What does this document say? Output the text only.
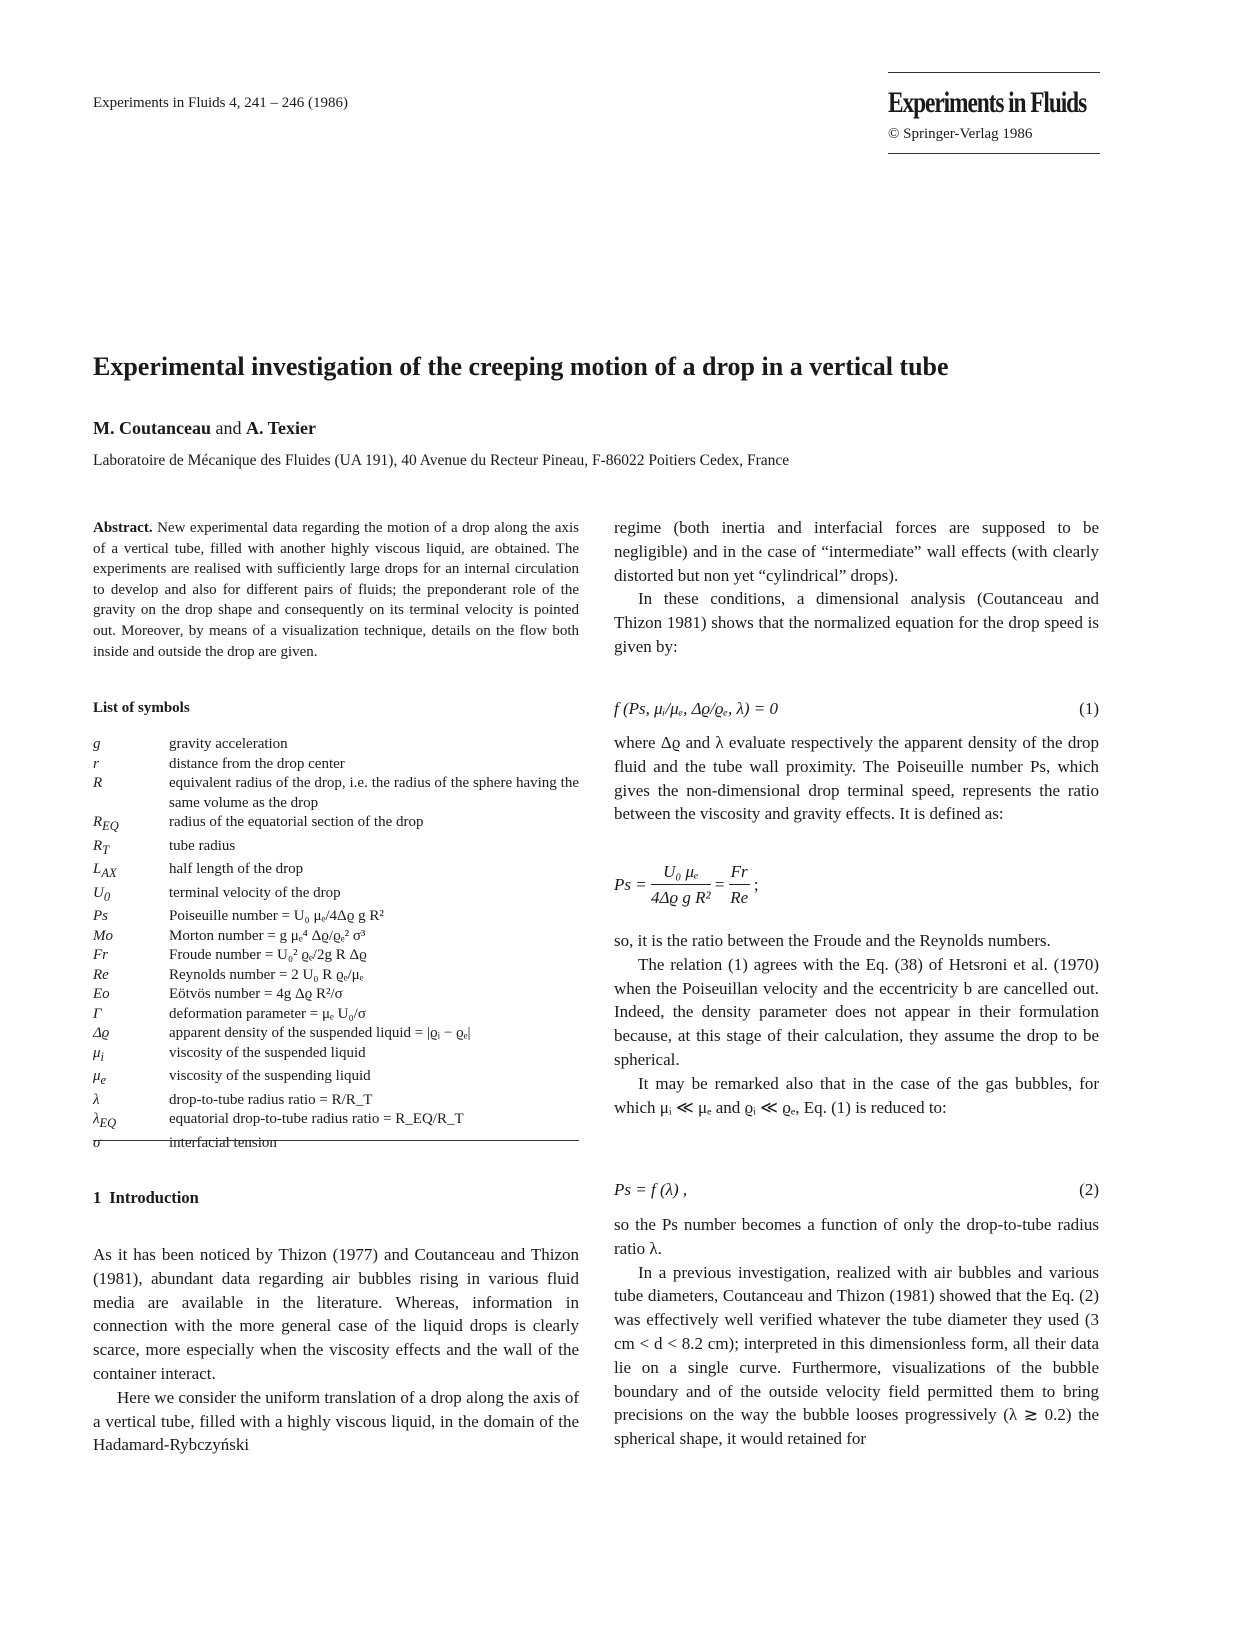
Experiments in Fluids 4, 241 – 246 (1986)	Experiments in Fluids
© Springer-Verlag 1986
Experimental investigation of the creeping motion of a drop in a vertical tube
M. Coutanceau and A. Texier
Laboratoire de Mécanique des Fluides (UA 191), 40 Avenue du Recteur Pineau, F-86022 Poitiers Cedex, France
Abstract. New experimental data regarding the motion of a drop along the axis of a vertical tube, filled with another highly viscous liquid, are obtained. The experiments are realised with sufficiently large drops for an internal circulation to develop and also for different pairs of fluids; the preponderant role of the gravity on the drop shape and consequently on its terminal velocity is pointed out. Moreover, by means of a visualization technique, details on the flow both inside and outside the drop are given.
List of symbols
g	gravity acceleration
r	distance from the drop center
R	equivalent radius of the drop, i.e. the radius of the sphere having the same volume as the drop
$R_{EQ}$	radius of the equatorial section of the drop
$R_T$	tube radius
$L_{AX}$	half length of the drop
$U_0$	terminal velocity of the drop
Ps	Poiseuille number = U₀ μₑ/4Δϱ g R²
Mo	Morton number = g μₑ⁴ Δϱ/ϱₑ² σ³
Fr	Froude number = U₀² ϱₑ/2g R Δϱ
Re	Reynolds number = 2 U₀ R ϱₑ/μₑ
Eo	Eötvös number = 4g Δϱ R²/σ
Γ	deformation parameter = μₑ U₀/σ
Δϱ	apparent density of the suspended liquid = |ϱᵢ − ϱₑ|
$\mu_i$	viscosity of the suspended liquid
$\mu_e$	viscosity of the suspending liquid
λ	drop-to-tube radius ratio = R/R_T
$\lambda_{EQ}$	equatorial drop-to-tube radius ratio = R_EQ/R_T
σ	interfacial tension
1 Introduction

As it has been noticed by Thizon (1977) and Coutanceau and Thizon (1981), abundant data regarding air bubbles rising in various fluid media are available in the literature. Whereas, information in connection with the more general case of the liquid drops is clearly scarce, more especially when the viscosity effects and the wall of the container interact.

Here we consider the uniform translation of a drop along the axis of a vertical tube, filled with a highly viscous liquid, in the domain of the Hadamard-Rybczyński

regime (both inertia and interfacial forces are supposed to be negligible) and in the case of “intermediate” wall effects (with clearly distorted but non yet “cylindrical” drops).

In these conditions, a dimensional analysis (Coutanceau and Thizon 1981) shows that the normalized equation for the drop speed is given by:

f (Ps, μᵢ/μₑ, Δϱ/ϱₑ, λ) = 0	(1)

where Δϱ and λ evaluate respectively the apparent density of the drop fluid and the tube wall proximity. The Poiseuille number Ps, which gives the non-dimensional drop terminal speed, represents the ratio between the viscosity and gravity effects. It is defined as:

$Ps = \frac{\text{U₀ μₑ}}{\text{4Δϱ g R²}} = \frac{Fr}{Re}$ ;

so, it is the ratio between the Froude and the Reynolds numbers.

The relation (1) agrees with the Eq. (38) of Hetsroni et al. (1970) when the Poiseuillan velocity and the eccentricity b are cancelled out. Indeed, the density parameter does not appear in their formulation because, at this stage of their calculation, they assume the drop to be spherical.

It may be remarked also that in the case of the gas bubbles, for which μᵢ ≪ μₑ and ϱᵢ ≪ ϱₑ, Eq. (1) is reduced to:

Ps = f (λ) ,	(2)

so the Ps number becomes a function of only the drop-to-tube radius ratio λ.

In a previous investigation, realized with air bubbles and various tube diameters, Coutanceau and Thizon (1981) showed that the Eq. (2) was effectively well verified whatever the tube diameter they used (3 cm < d < 8.2 cm); interpreted in this dimensionless form, all their data lie on a single curve. Furthermore, visualizations of the bubble boundary and of the outside velocity field permitted them to bring precisions on the way the bubble looses progressively (λ ≳ 0.2) the spherical shape, it would retained for
